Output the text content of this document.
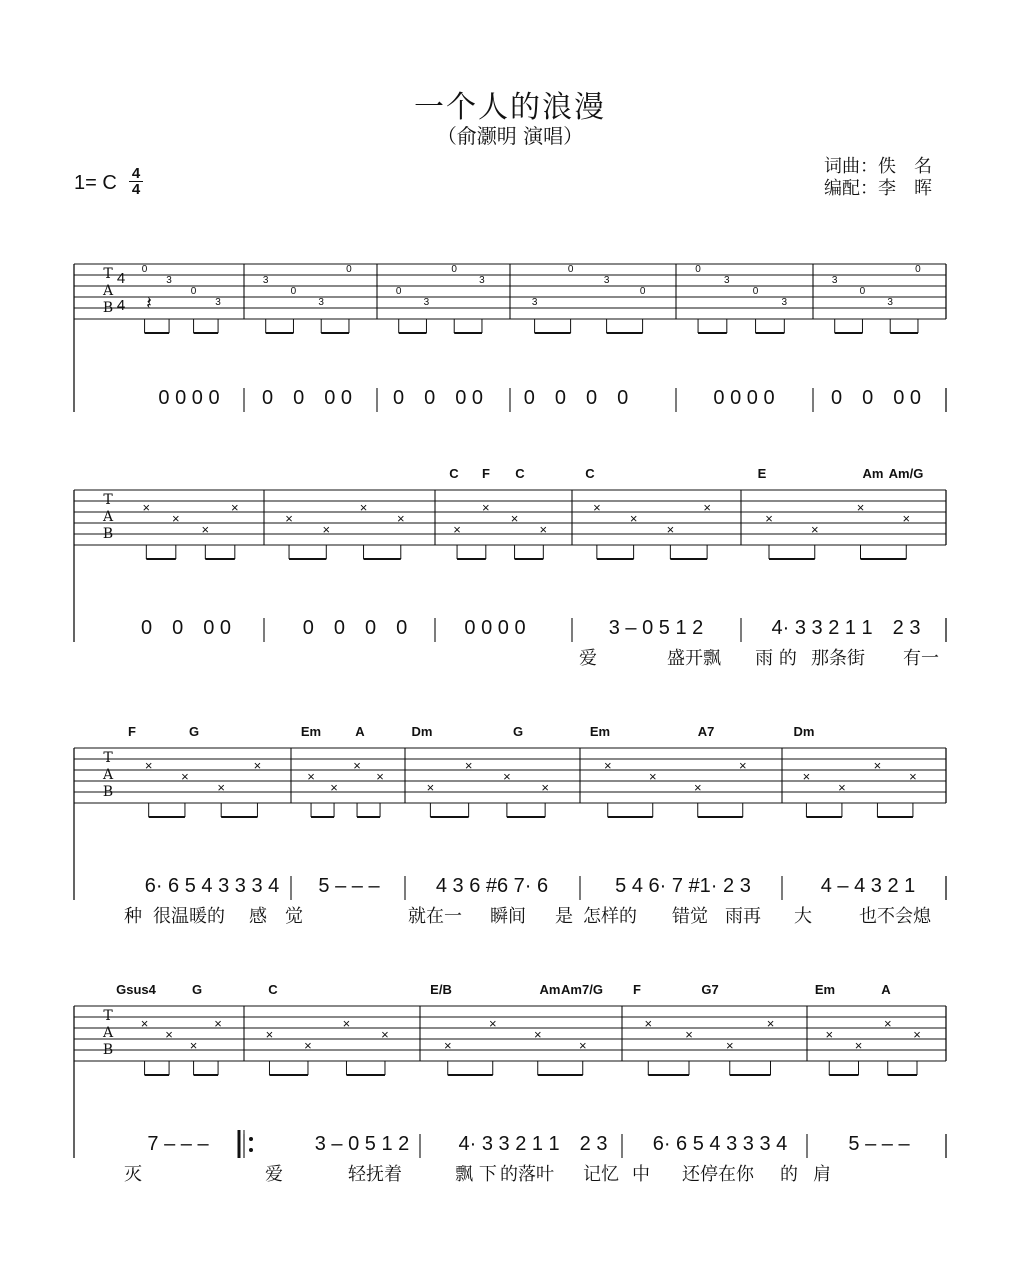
一个人的浪漫
（俞灏明 演唱）
1= C 4
4
词曲：佚　名
编配：李　晖
T
A
B
4
4
0
3
0
3
3
0
3
0
0
3
0
3
3
0
3
0
0
3
0
3
3
0
3
0
0 0 0 0 0　0　0 0 0　0　0 0 0　0　0　0	0 0 0 0	0　0　0 0
T
A
B
×
×
×
×
×
×
×
×
×
×
×
×
×
×
×
×
×
×
×
×
C F C	C	E	Am Am/G
0　0　0 0	0　0　0　0	0 0 0 0	3 – 0 5 1 2	4· 3 3 2 1 1　2 3
爱	盛开飘 雨 的 那条街 有一
T
A
B
×
×
×
×
×
×
×
×
×
×
×
×
×
×
×
×
×
×
×
×
F	G	Em	A	Dm	G	Em	A7	Dm
6· 6 5 4 3 3 3 4 5 – – –	4 3 6 #6 7· 6	5 4 6· 7 #1· 2 3	4 – 4 3 2 1
种 很温暖的 感　觉	就在一 瞬间 是 怎样的 错觉 雨再 大	也不会熄
T
A
B
×
×
×
×
×
×
×
×
×
×
×
×
×
×
×
×
×
×
×
×
Gsus4	G	C	E/B	Am Am7/G F	G7	Em	A
7 – – –	3 – 0 5 1 2 4· 3 3 2 1 1　2 3 6· 6 5 4 3 3 3 4	5 – – –
灭	爱	轻抚着	飘 下 的落叶 记忆 中 还停在你 的 肩
𝄽
